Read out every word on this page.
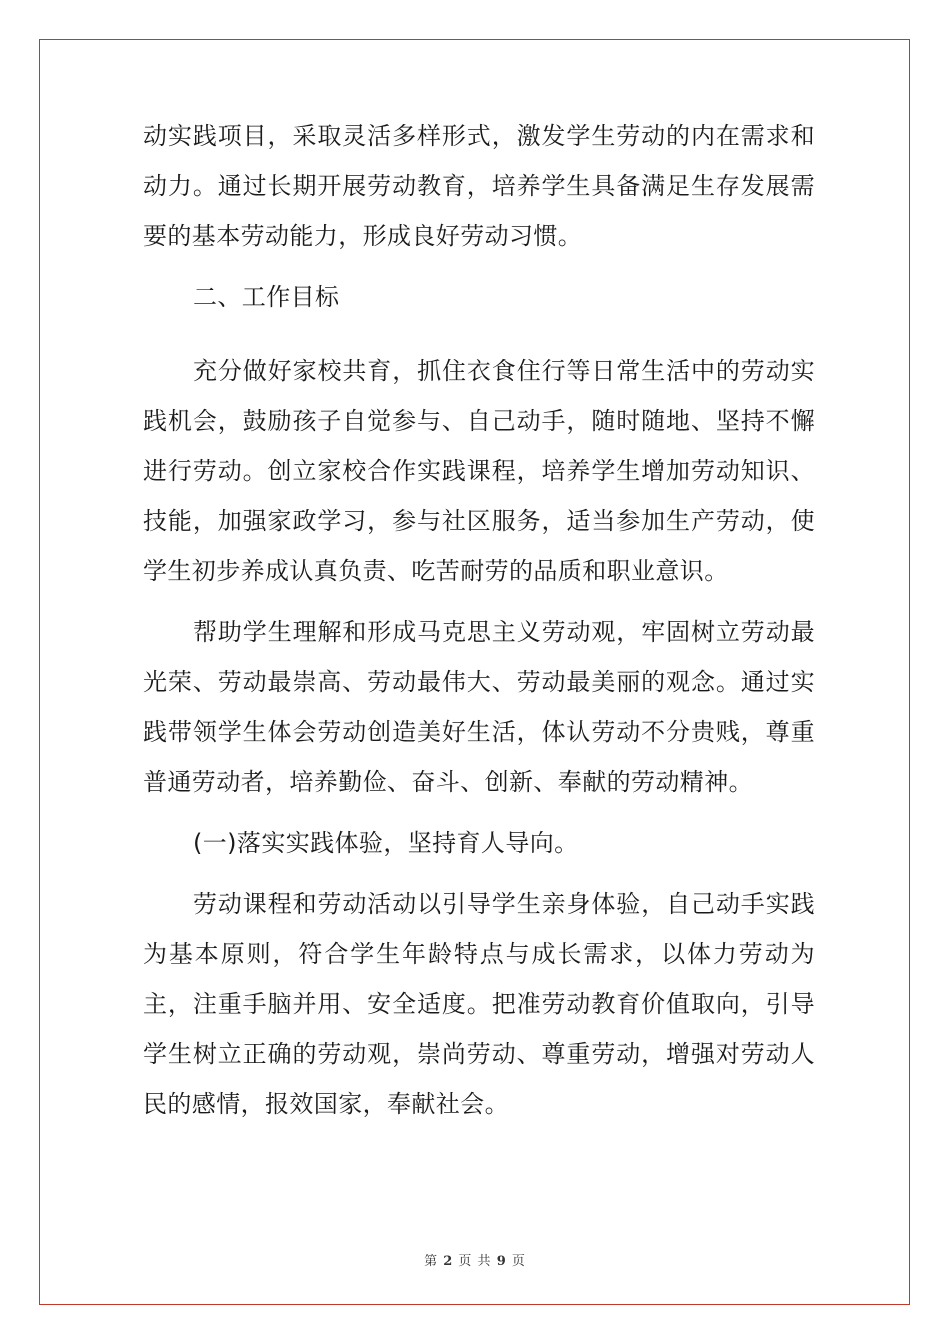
动实践项目，采取灵活多样形式，激发学生劳动的内在需求和动力。通过长期开展劳动教育，培养学生具备满足生存发展需要的基本劳动能力，形成良好劳动习惯。

二、工作目标

充分做好家校共育，抓住衣食住行等日常生活中的劳动实践机会，鼓励孩子自觉参与、自己动手，随时随地、坚持不懈进行劳动。创立家校合作实践课程，培养学生增加劳动知识、技能，加强家政学习，参与社区服务，适当参加生产劳动，使学生初步养成认真负责、吃苦耐劳的品质和职业意识。

帮助学生理解和形成马克思主义劳动观，牢固树立劳动最光荣、劳动最崇高、劳动最伟大、劳动最美丽的观念。通过实践带领学生体会劳动创造美好生活，体认劳动不分贵贱，尊重普通劳动者，培养勤俭、奋斗、创新、奉献的劳动精神。

(一)落实实践体验，坚持育人导向。

劳动课程和劳动活动以引导学生亲身体验，自己动手实践为基本原则，符合学生年龄特点与成长需求，以体力劳动为主，注重手脑并用、安全适度。把准劳动教育价值取向，引导学生树立正确的劳动观，崇尚劳动、尊重劳动，增强对劳动人民的感情，报效国家，奉献社会。

第 2 页 共 9 页
